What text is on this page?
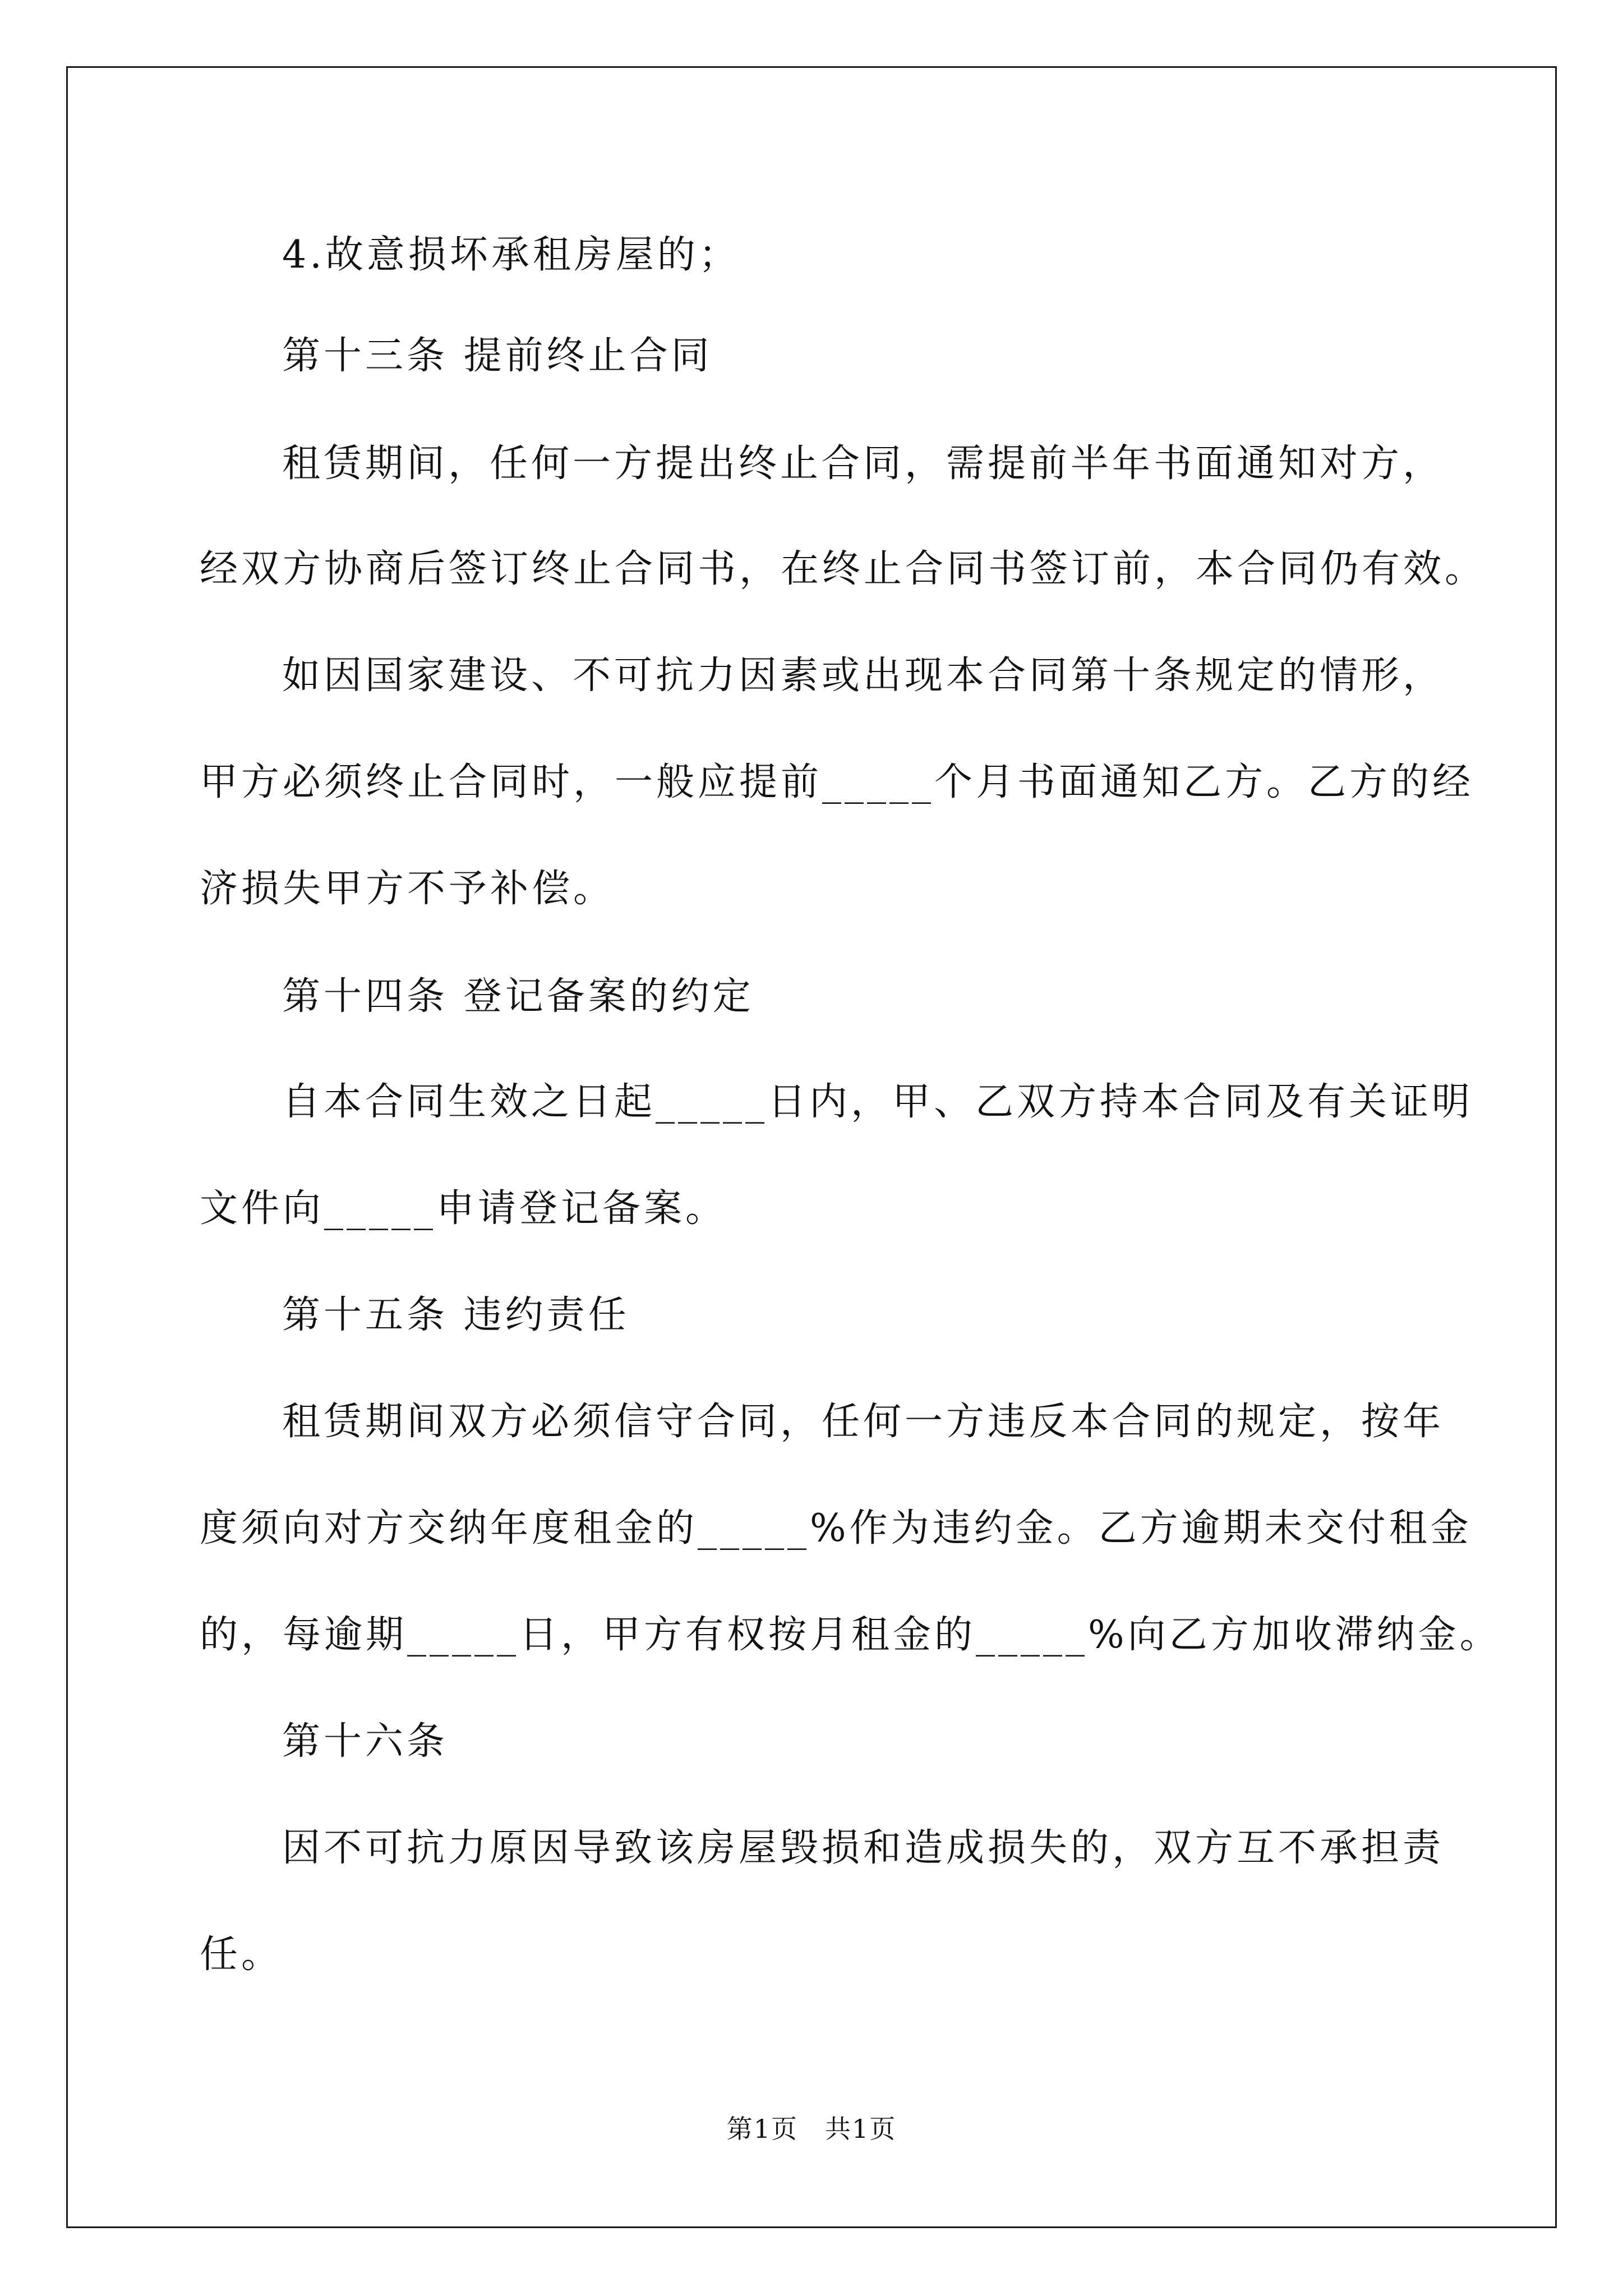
4.故意损坏承租房屋的；
第十三条 提前终止合同
租赁期间，任何一方提出终止合同，需提前半年书面通知对方，
经双方协商后签订终止合同书，在终止合同书签订前，本合同仍有效。
如因国家建设、不可抗力因素或出现本合同第十条规定的情形，
甲方必须终止合同时，一般应提前_____个月书面通知乙方。乙方的经
济损失甲方不予补偿。
第十四条 登记备案的约定
自本合同生效之日起_____日内，甲、乙双方持本合同及有关证明
文件向_____申请登记备案。
第十五条 违约责任
租赁期间双方必须信守合同，任何一方违反本合同的规定，按年
度须向对方交纳年度租金的_____%作为违约金。乙方逾期未交付租金
的，每逾期_____日，甲方有权按月租金的_____%向乙方加收滞纳金。
第十六条
因不可抗力原因导致该房屋毁损和造成损失的，双方互不承担责
任。
第1页 共1页
